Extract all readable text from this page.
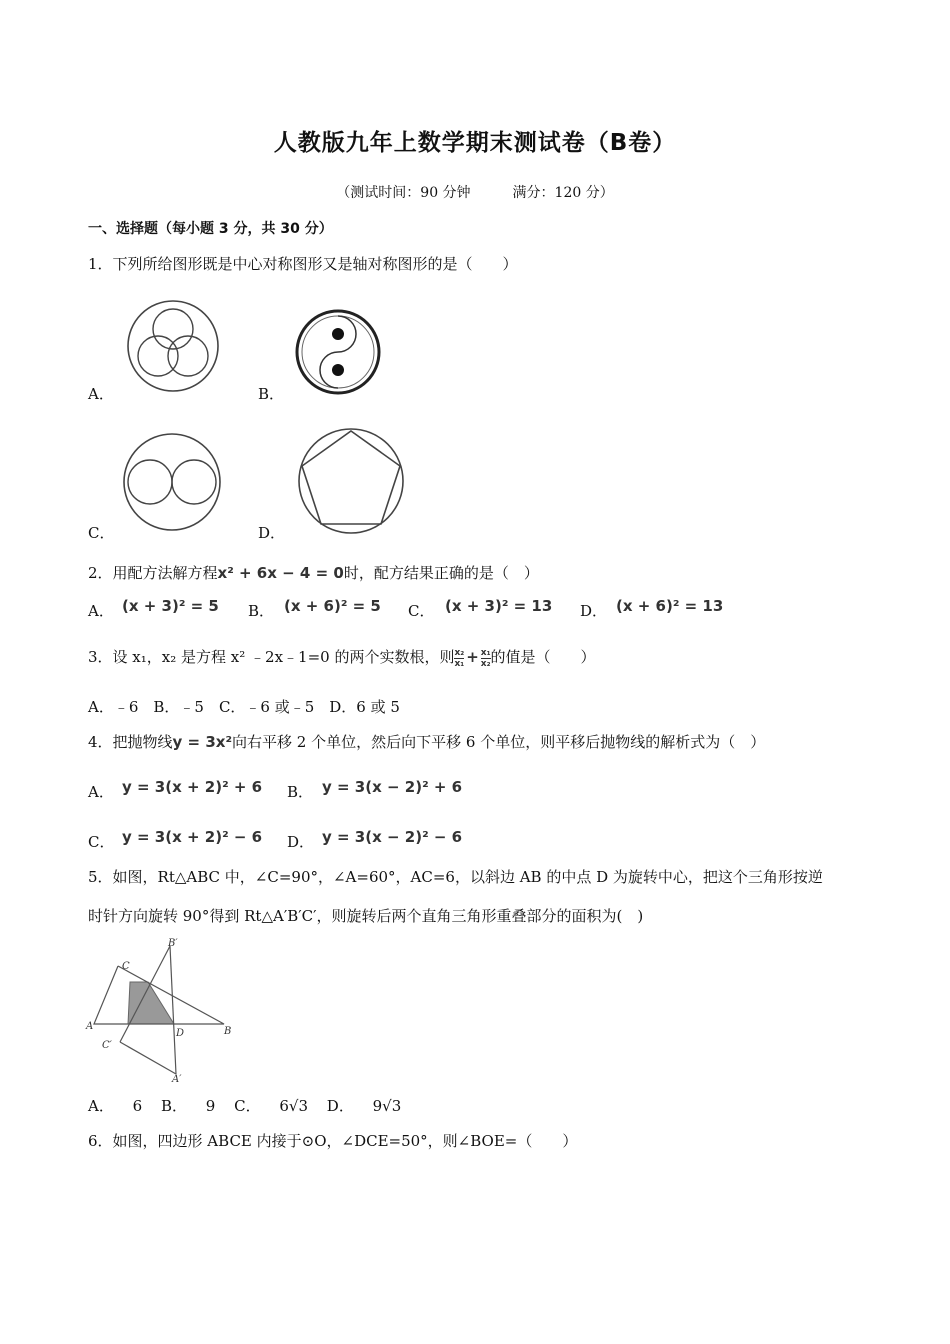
人教版九年上数学期末测试卷（B卷）
（测试时间：90 分钟	满分：120 分）
一、选择题（每小题 3 分，共 30 分）
1．下列所给图形既是中心对称图形又是轴对称图形的是（　　）
A．	B．
C．	D．
2．用配方法解方程x² + 6x − 4 = 0时，配方结果正确的是（　）
A． (x + 3)² = 5 B． (x + 6)² = 5 C． (x + 3)² = 13 D． (x + 6)² = 13
3．设 x₁，x₂ 是方程 x² ﹣2x﹣1=0 的两个实数根，则 $\frac{\text{x₂}}{\text{x₁}} + \frac{\text{x₁}}{\text{x₂}}$ 的值是（　　）
A．﹣6　B．﹣5　C．﹣6 或﹣5　D．6 或 5
4．把抛物线y = 3x²向右平移 2 个单位，然后向下平移 6 个单位，则平移后抛物线的解析式为（　）
A． y = 3(x + 2)² + 6 B． y = 3(x − 2)² + 6
C． y = 3(x + 2)² − 6 D． y = 3(x − 2)² − 6
5．如图，Rt△ABC 中，∠C=90°，∠A=60°，AC=6，以斜边 AB 的中点 D 为旋转中心，把这个三角形按逆
时针方向旋转 90°得到 Rt△A′B′C′，则旋转后两个直角三角形重叠部分的面积为(　)
B′
C
A
D	B
C′
A′
A． 6 B． 9 C． 6√3 D． 9√3
6．如图，四边形 ABCE 内接于⊙O，∠DCE=50°，则∠BOE=（　　）
